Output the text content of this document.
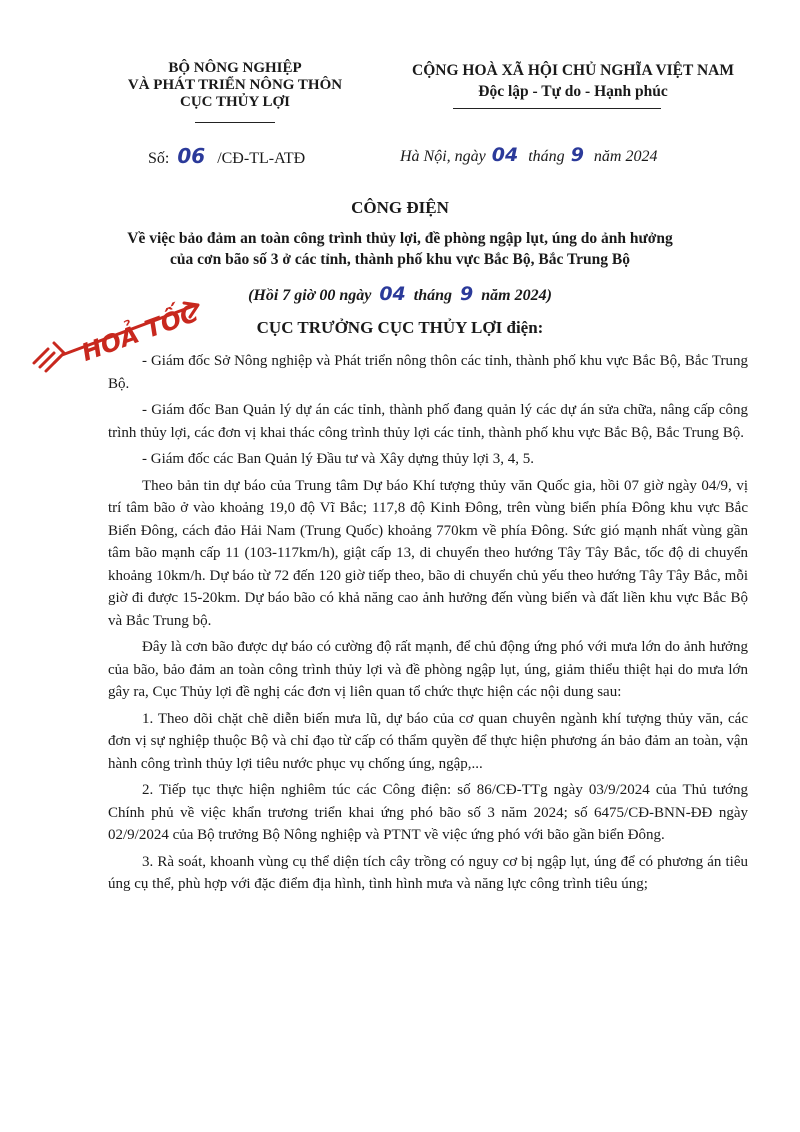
BỘ NÔNG NGHIỆP
VÀ PHÁT TRIỂN NÔNG THÔN
CỤC THỦY LỢI
CỘNG HOÀ XÃ HỘI CHỦ NGHĨA VIỆT NAM
Độc lập - Tự do - Hạnh phúc
Số: 06 /CĐ-TL-ATĐ	Hà Nội, ngày 04 tháng 9 năm 2024
CÔNG ĐIỆN
Về việc bảo đảm an toàn công trình thủy lợi, đề phòng ngập lụt, úng do ảnh hưởng
của cơn bão số 3 ở các tỉnh, thành phố khu vực Bắc Bộ, Bắc Trung Bộ
(Hồi 7 giờ 00 ngày 04 tháng 9 năm 2024)
HOẢ TỐC	CỤC TRƯỞNG CỤC THỦY LỢI điện:

- Giám đốc Sở Nông nghiệp và Phát triển nông thôn các tỉnh, thành phố khu vực Bắc Bộ, Bắc Trung Bộ.

- Giám đốc Ban Quản lý dự án các tỉnh, thành phố đang quản lý các dự án sửa chữa, nâng cấp công trình thủy lợi, các đơn vị khai thác công trình thủy lợi các tỉnh, thành phố khu vực Bắc Bộ, Bắc Trung Bộ.

- Giám đốc các Ban Quản lý Đầu tư và Xây dựng thủy lợi 3, 4, 5.

Theo bản tin dự báo của Trung tâm Dự báo Khí tượng thủy văn Quốc gia, hồi 07 giờ ngày 04/9, vị trí tâm bão ở vào khoảng 19,0 độ Vĩ Bắc; 117,8 độ Kinh Đông, trên vùng biển phía Đông khu vực Bắc Biển Đông, cách đảo Hải Nam (Trung Quốc) khoảng 770km về phía Đông. Sức gió mạnh nhất vùng gần tâm bão mạnh cấp 11 (103-117km/h), giật cấp 13, di chuyển theo hướng Tây Tây Bắc, tốc độ di chuyển khoảng 10km/h. Dự báo từ 72 đến 120 giờ tiếp theo, bão di chuyển chủ yếu theo hướng Tây Tây Bắc, mỗi giờ đi được 15-20km. Dự báo bão có khả năng cao ảnh hưởng đến vùng biển và đất liền khu vực Bắc Bộ và Bắc Trung bộ.

Đây là cơn bão được dự báo có cường độ rất mạnh, để chủ động ứng phó với mưa lớn do ảnh hưởng của bão, bảo đảm an toàn công trình thủy lợi và đề phòng ngập lụt, úng, giảm thiểu thiệt hại do mưa lớn gây ra, Cục Thủy lợi đề nghị các đơn vị liên quan tổ chức thực hiện các nội dung sau:

1. Theo dõi chặt chẽ diễn biến mưa lũ, dự báo của cơ quan chuyên ngành khí tượng thủy văn, các đơn vị sự nghiệp thuộc Bộ và chỉ đạo từ cấp có thẩm quyền để thực hiện phương án bảo đảm an toàn, vận hành công trình thủy lợi tiêu nước phục vụ chống úng, ngập,...

2. Tiếp tục thực hiện nghiêm túc các Công điện: số 86/CĐ-TTg ngày 03/9/2024 của Thủ tướng Chính phủ về việc khẩn trương triển khai ứng phó bão số 3 năm 2024; số 6475/CĐ-BNN-ĐĐ ngày 02/9/2024 của Bộ trưởng Bộ Nông nghiệp và PTNT về việc ứng phó với bão gần biển Đông.

3. Rà soát, khoanh vùng cụ thể diện tích cây trồng có nguy cơ bị ngập lụt, úng để có phương án tiêu úng cụ thể, phù hợp với đặc điểm địa hình, tình hình mưa và năng lực công trình tiêu úng;
